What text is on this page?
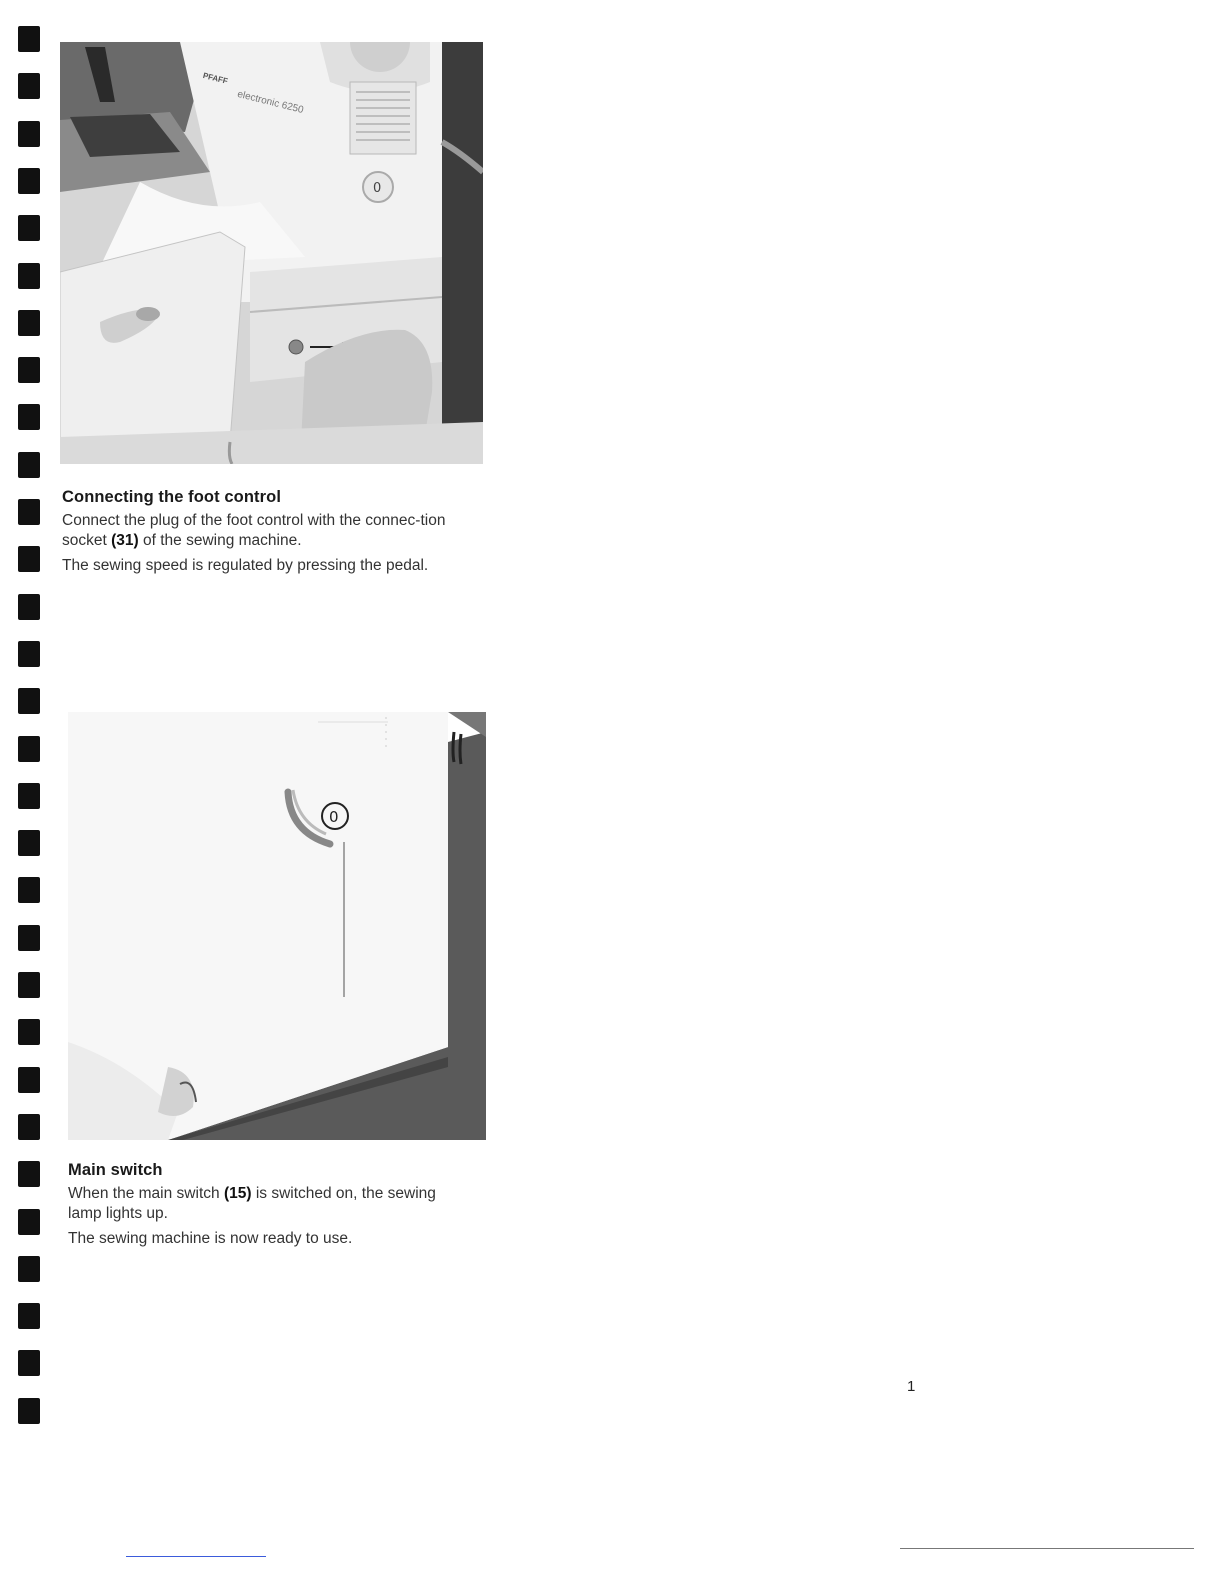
0
PFAFF
electronic 6250
Connecting the foot control

Connect the plug of the foot control with the connec-tion socket (31) of the sewing machine.

The sewing speed is regulated by pressing the pedal.

0
Main switch

When the main switch (15) is switched on, the sewing lamp lights up.

The sewing machine is now ready to use.

1
